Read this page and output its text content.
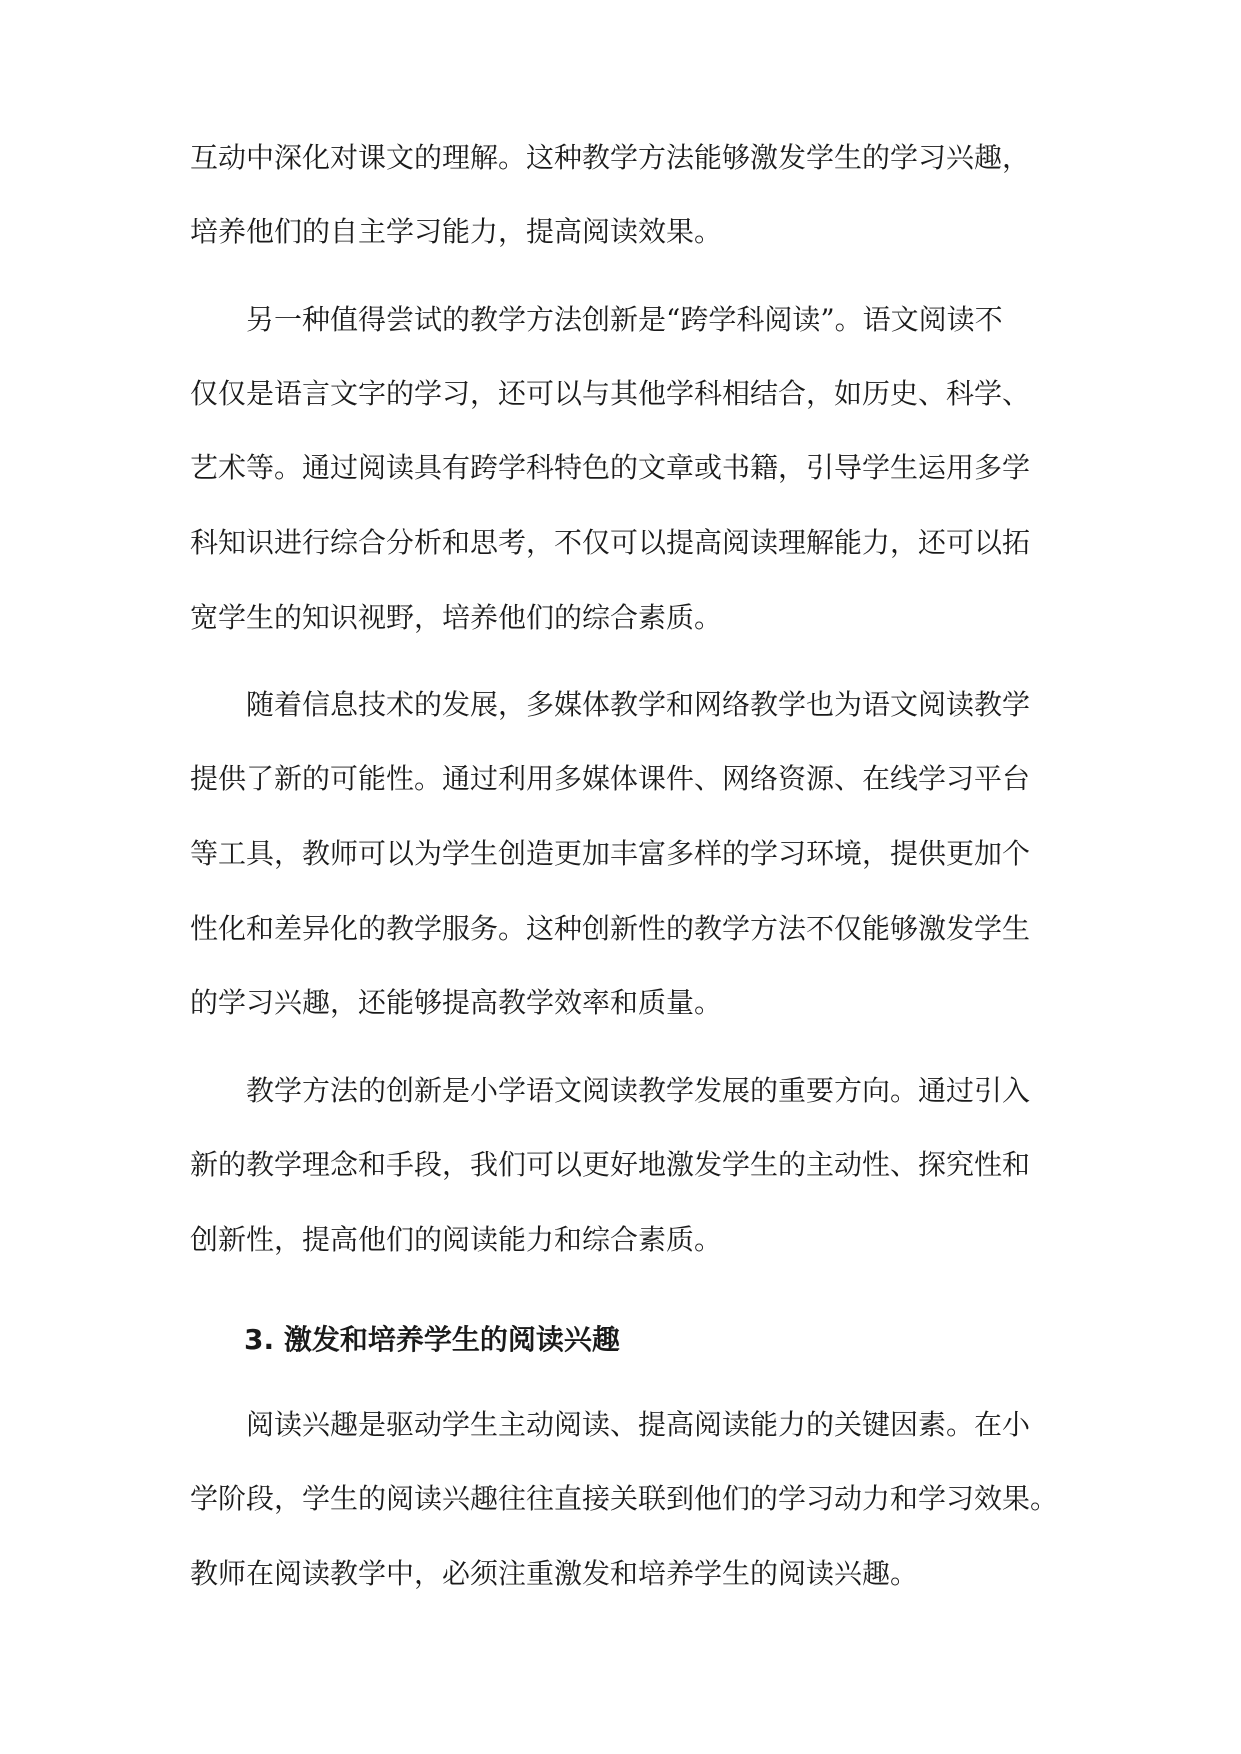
互动中深化对课文的理解。这种教学方法能够激发学生的学习兴趣，
培养他们的自主学习能力，提高阅读效果。
　　另一种值得尝试的教学方法创新是“跨学科阅读”。语文阅读不
仅仅是语言文字的学习，还可以与其他学科相结合，如历史、科学、
艺术等。通过阅读具有跨学科特色的文章或书籍，引导学生运用多学
科知识进行综合分析和思考，不仅可以提高阅读理解能力，还可以拓
宽学生的知识视野，培养他们的综合素质。
　　随着信息技术的发展，多媒体教学和网络教学也为语文阅读教学
提供了新的可能性。通过利用多媒体课件、网络资源、在线学习平台
等工具，教师可以为学生创造更加丰富多样的学习环境，提供更加个
性化和差异化的教学服务。这种创新性的教学方法不仅能够激发学生
的学习兴趣，还能够提高教学效率和质量。
　　教学方法的创新是小学语文阅读教学发展的重要方向。通过引入
新的教学理念和手段，我们可以更好地激发学生的主动性、探究性和
创新性，提高他们的阅读能力和综合素质。
3. 激发和培养学生的阅读兴趣
　　阅读兴趣是驱动学生主动阅读、提高阅读能力的关键因素。在小
学阶段，学生的阅读兴趣往往直接关联到他们的学习动力和学习效果。
教师在阅读教学中，必须注重激发和培养学生的阅读兴趣。
